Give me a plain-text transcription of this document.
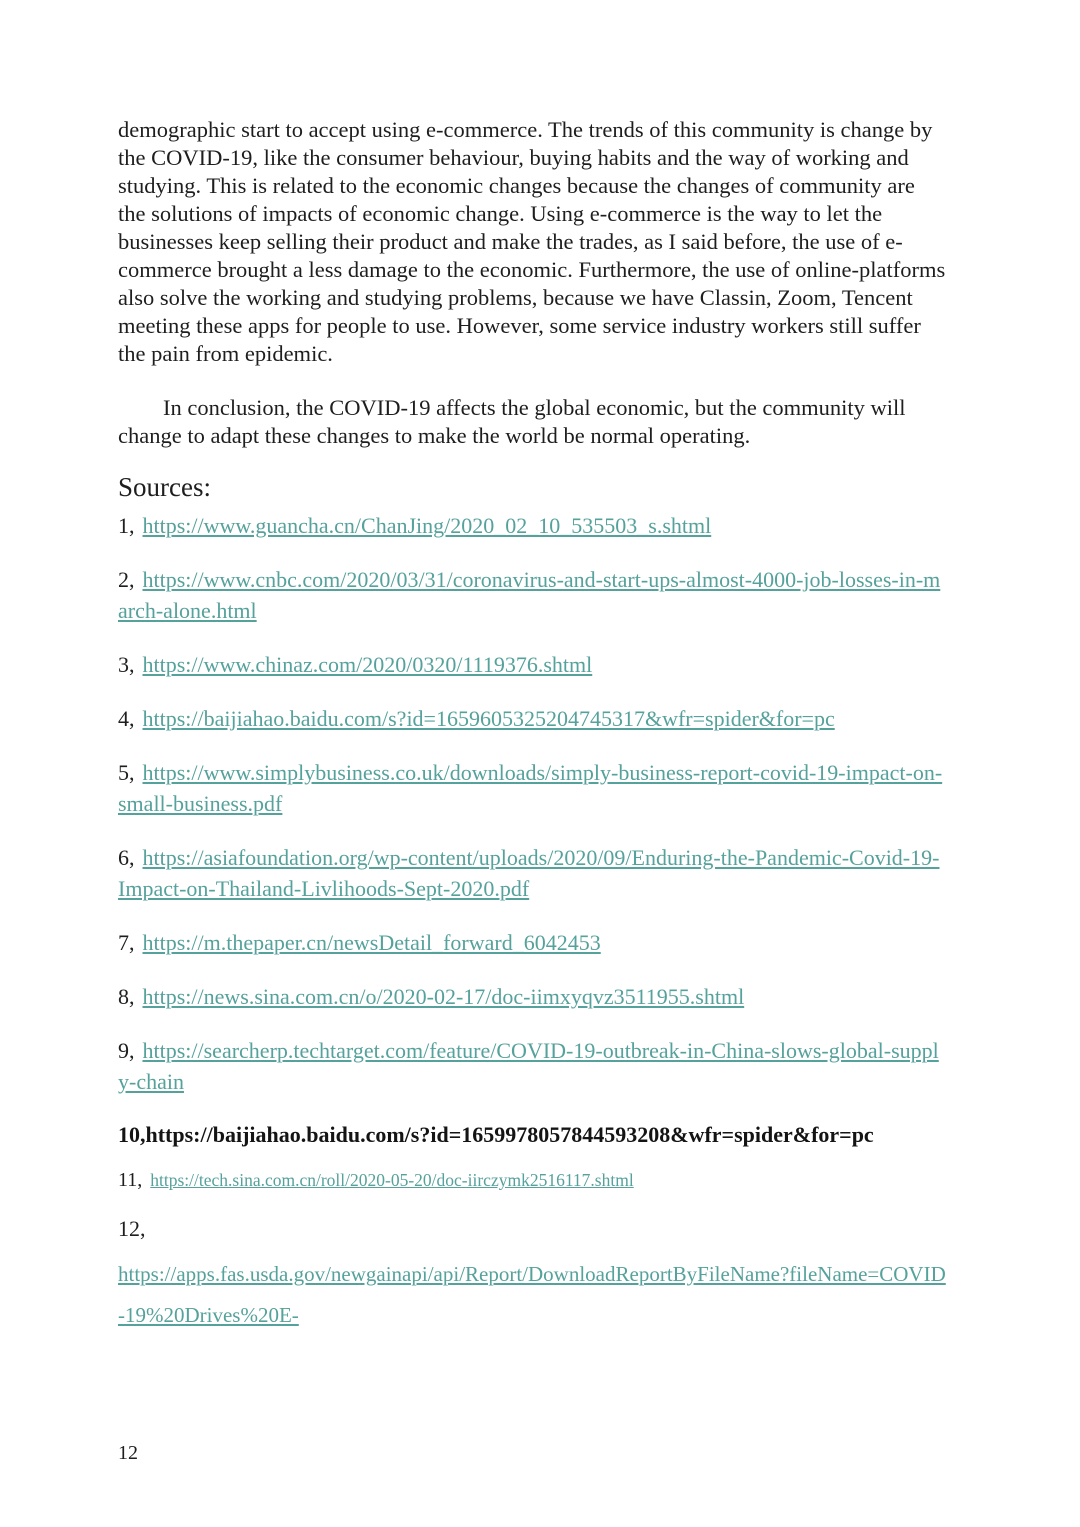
demographic start to accept using e-commerce. The trends of this community is change by the COVID-19, like the consumer behaviour, buying habits and the way of working and studying. This is related to the economic changes because the changes of community are the solutions of impacts of economic change. Using e-commerce is the way to let the businesses keep selling their product and make the trades, as I said before, the use of e-commerce brought a less damage to the economic. Furthermore, the use of online-platforms also solve the working and studying problems, because we have Classin, Zoom, Tencent meeting these apps for people to use. However, some service industry workers still suffer the pain from epidemic.

In conclusion, the COVID-19 affects the global economic, but the community will change to adapt these changes to make the world be normal operating.

Sources:
1, https://www.guancha.cn/ChanJing/2020_02_10_535503_s.shtml
2, https://www.cnbc.com/2020/03/31/coronavirus-and-start-ups-almost-4000-job-losses-in-march-alone.html
3, https://www.chinaz.com/2020/0320/1119376.shtml
4, https://baijiahao.baidu.com/s?id=1659605325204745317&wfr=spider&for=pc
5, https://www.simplybusiness.co.uk/downloads/simply-business-report-covid-19-impact-on-small-business.pdf
6, https://asiafoundation.org/wp-content/uploads/2020/09/Enduring-the-Pandemic-Covid-19-Impact-on-Thailand-Livlihoods-Sept-2020.pdf
7, https://m.thepaper.cn/newsDetail_forward_6042453
8, https://news.sina.com.cn/o/2020-02-17/doc-iimxyqvz3511955.shtml
9, https://searcherp.techtarget.com/feature/COVID-19-outbreak-in-China-slows-global-supply-chain
10,https://baijiahao.baidu.com/s?id=1659978057844593208&wfr=spider&for=pc
11, https://tech.sina.com.cn/roll/2020-05-20/doc-iirczymk2516117.shtml
12,
https://apps.fas.usda.gov/newgainapi/api/Report/DownloadReportByFileName?fileName=COVID-19%20Drives%20E-
12
